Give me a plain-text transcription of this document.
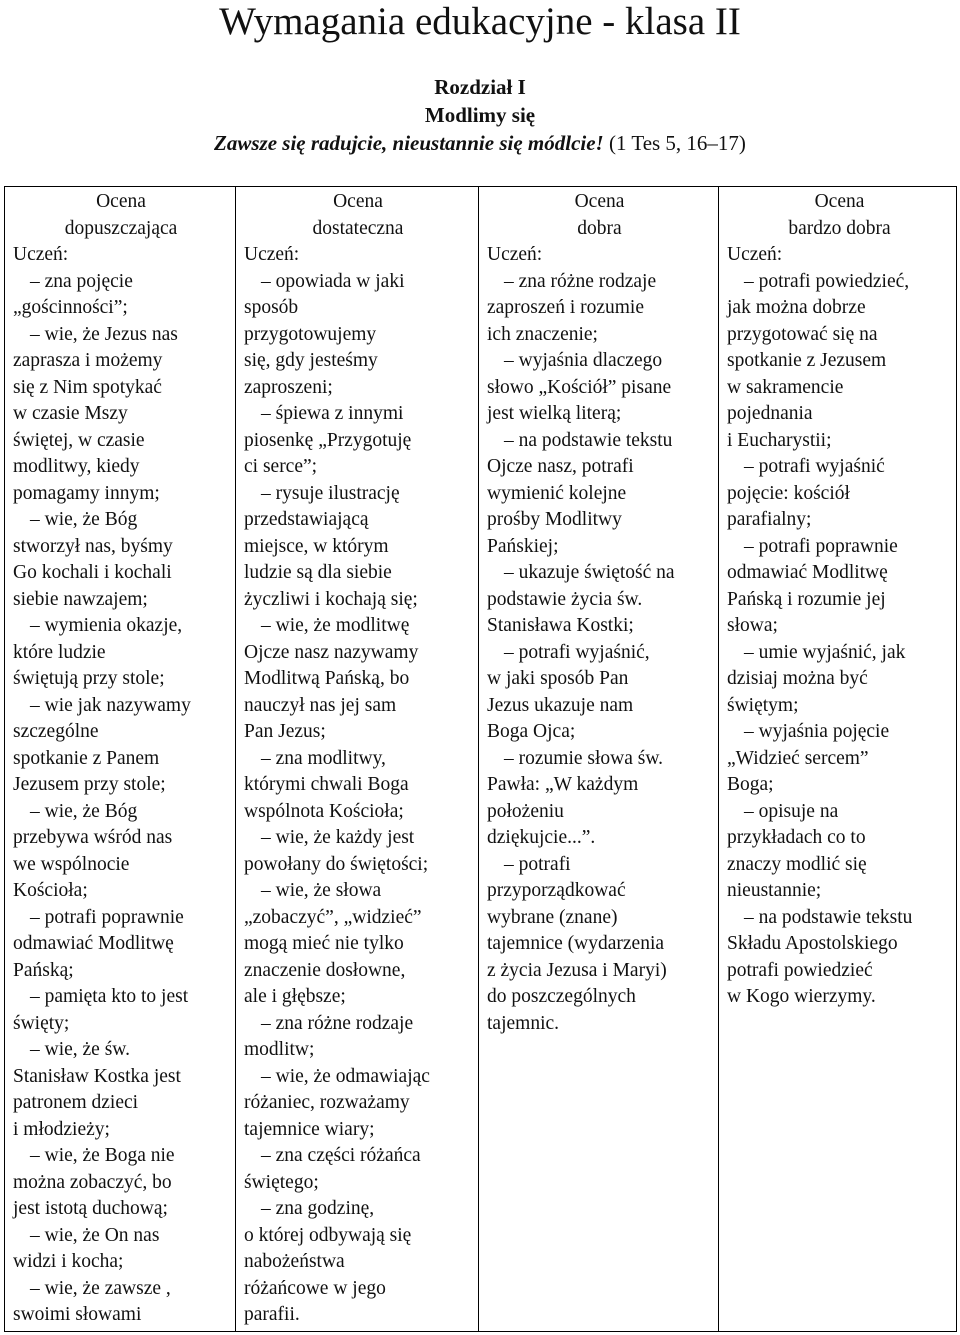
Wymagania edukacyjne - klasa II
Rozdział I
Modlimy się
Zawsze się radujcie, nieustannie się módlcie! (1 Tes 5, 16–17)
Ocena
dopuszczająca
Uczeń:
– zna pojęcie
„gościnności”;
– wie, że Jezus nas
zaprasza i możemy
się z Nim spotykać
w czasie Mszy
świętej, w czasie
modlitwy, kiedy
pomagamy innym;
– wie, że Bóg
stworzył nas, byśmy
Go kochali i kochali
siebie nawzajem;
– wymienia okazje,
które ludzie
świętują przy stole;
– wie jak nazywamy
szczególne
spotkanie z Panem
Jezusem przy stole;
– wie, że Bóg
przebywa wśród nas
we wspólnocie
Kościoła;
– potrafi poprawnie
odmawiać Modlitwę
Pańską;
– pamięta kto to jest
święty;
– wie, że św.
Stanisław Kostka jest
patronem dzieci
i młodzieży;
– wie, że Boga nie
można zobaczyć, bo
jest istotą duchową;
– wie, że On nas
widzi i kocha;
– wie, że zawsze ,
swoimi słowami
Ocena
dostateczna
Uczeń:
– opowiada w jaki
sposób
przygotowujemy
się, gdy jesteśmy
zaproszeni;
– śpiewa z innymi
piosenkę „Przygotuję
ci serce”;
– rysuje ilustrację
przedstawiającą
miejsce, w którym
ludzie są dla siebie
życzliwi i kochają się;
– wie, że modlitwę
Ojcze nasz nazywamy
Modlitwą Pańską, bo
nauczył nas jej sam
Pan Jezus;
– zna modlitwy,
którymi chwali Boga
wspólnota Kościoła;
– wie, że każdy jest
powołany do świętości;
– wie, że słowa
„zobaczyć”, „widzieć”
mogą mieć nie tylko
znaczenie dosłowne,
ale i głębsze;
– zna różne rodzaje
modlitw;
– wie, że odmawiając
różaniec, rozważamy
tajemnice wiary;
– zna części różańca
świętego;
– zna godzinę,
o której odbywają się
nabożeństwa
różańcowe w jego
parafii.
Ocena
dobra
Uczeń:
– zna różne rodzaje
zaproszeń i rozumie
ich znaczenie;
– wyjaśnia dlaczego
słowo „Kościół” pisane
jest wielką literą;
– na podstawie tekstu
Ojcze nasz, potrafi
wymienić kolejne
prośby Modlitwy
Pańskiej;
– ukazuje świętość na
podstawie życia św.
Stanisława Kostki;
– potrafi wyjaśnić,
w jaki sposób Pan
Jezus ukazuje nam
Boga Ojca;
– rozumie słowa św.
Pawła: „W każdym
położeniu
dziękujcie...”.
– potrafi
przyporządkować
wybrane (znane)
tajemnice (wydarzenia
z życia Jezusa i Maryi)
do poszczególnych
tajemnic.
Ocena
bardzo dobra
Uczeń:
– potrafi powiedzieć,
jak można dobrze
przygotować się na
spotkanie z Jezusem
w sakramencie
pojednania
i Eucharystii;
– potrafi wyjaśnić
pojęcie: kościół
parafialny;
– potrafi poprawnie
odmawiać Modlitwę
Pańską i rozumie jej
słowa;
– umie wyjaśnić, jak
dzisiaj można być
świętym;
– wyjaśnia pojęcie
„Widzieć sercem”
Boga;
– opisuje na
przykładach co to
znaczy modlić się
nieustannie;
– na podstawie tekstu
Składu Apostolskiego
potrafi powiedzieć
w Kogo wierzymy.
